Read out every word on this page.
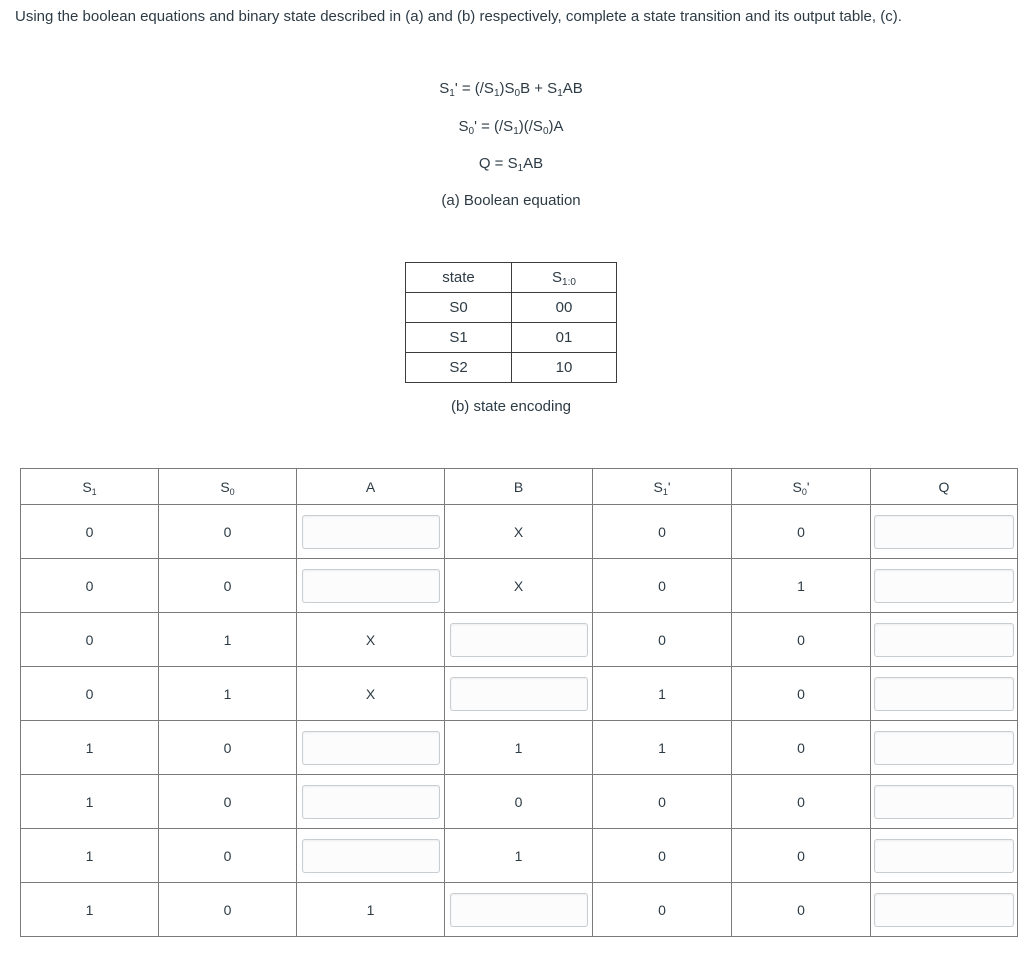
Using the boolean equations and binary state described in (a) and (b) respectively, complete a state transition and its output table, (c).
$S_1' = (/S_1)S_0B + S_1AB$
$S_0' = (/S_1)(/S_0)A$
$Q = S_1AB$
(a) Boolean equation
state	$S_{1:0}$
S0	00
S1	01
S2	10
(b) state encoding
$S_1$	$S_0$	A	B	$S_1'$	$S_0'$	Q
0	0		X	0	0	

0	0		X	0	1	

0	1	X		0	0	

0	1	X		1	0	

1	0		1	1	0	

1	0		0	0	0	

1	0		1	0	0	

1	0	1		0	0	
